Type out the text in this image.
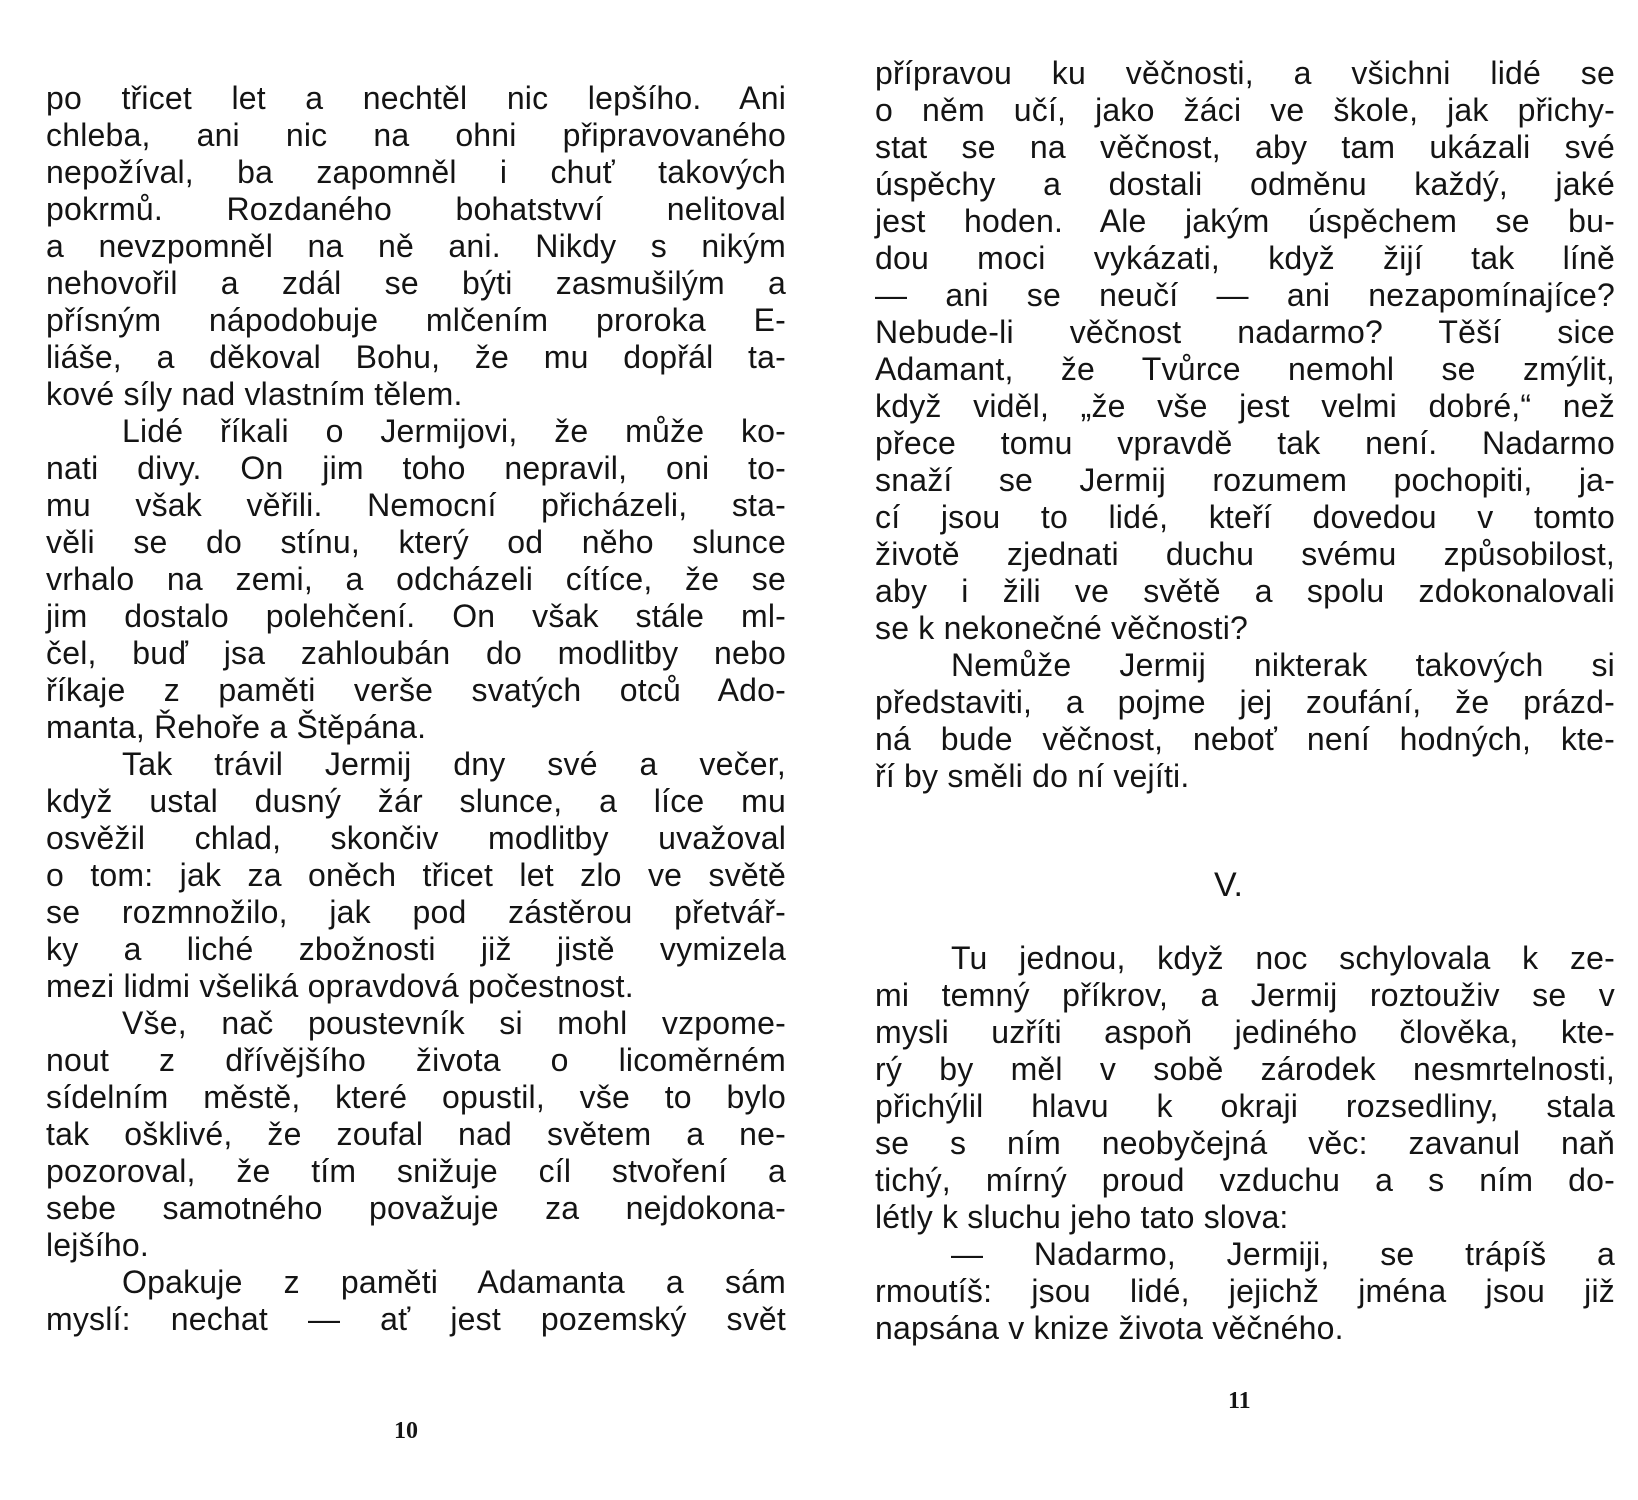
po třicet let a nechtěl nic lepšího. Ani
chleba, ani nic na ohni připravovaného
nepožíval, ba zapomněl i chuť takových
pokrmů. Rozdaného bohatstvví nelitoval
a nevzpomněl na ně ani. Nikdy s nikým
nehovořil a zdál se býti zasmušilým a
přísným nápodobuje mlčením proroka E-
liáše, a děkoval Bohu, že mu dopřál ta-
kové síly nad vlastním tělem.
Lidé říkali o Jermijovi, že může ko-
nati divy. On jim toho nepravil, oni to-
mu však věřili. Nemocní přicházeli, sta-
věli se do stínu, který od něho slunce
vrhalo na zemi, a odcházeli cítíce, že se
jim dostalo polehčení. On však stále ml-
čel, buď jsa zahloubán do modlitby nebo
říkaje z paměti verše svatých otců Ado-
manta, Řehoře a Štěpána.
Tak trávil Jermij dny své a večer,
když ustal dusný žár slunce, a líce mu
osvěžil chlad, skončiv modlitby uvažoval
o tom: jak za oněch třicet let zlo ve světě
se rozmnožilo, jak pod zástěrou přetvář-
ky a liché zbožnosti již jistě vymizela
mezi lidmi všeliká opravdová počestnost.
Vše, nač poustevník si mohl vzpome-
nout z dřívějšího života o licoměrném
sídelním městě, které opustil, vše to bylo
tak ošklivé, že zoufal nad světem a ne-
pozoroval, že tím snižuje cíl stvoření a
sebe samotného považuje za nejdokona-
lejšího.
Opakuje z paměti Adamanta a sám
myslí: nechat — ať jest pozemský svět
10
přípravou ku věčnosti, a všichni lidé se
o něm učí, jako žáci ve škole, jak přichy-
stat se na věčnost, aby tam ukázali své
úspěchy a dostali odměnu každý, jaké
jest hoden. Ale jakým úspěchem se bu-
dou moci vykázati, když žijí tak líně
— ani se neučí — ani nezapomínajíce?
Nebude-li věčnost nadarmo? Těší sice
Adamant, že Tvůrce nemohl se zmýlit,
když viděl, „že vše jest velmi dobré,“ než
přece tomu vpravdě tak není. Nadarmo
snaží se Jermij rozumem pochopiti, ja-
cí jsou to lidé, kteří dovedou v tomto
životě zjednati duchu svému způsobilost,
aby i žili ve světě a spolu zdokonalovali
se k nekonečné věčnosti?
Nemůže Jermij nikterak takových si
představiti, a pojme jej zoufání, že prázd-
ná bude věčnost, neboť není hodných, kte-
ří by směli do ní vejíti.
V.
Tu jednou, když noc schylovala k ze-
mi temný příkrov, a Jermij roztouživ se v
mysli uzříti aspoň jediného člověka, kte-
rý by měl v sobě zárodek nesmrtelnosti,
přichýlil hlavu k okraji rozsedliny, stala
se s ním neobyčejná věc: zavanul naň
tichý, mírný proud vzduchu a s ním do-
létly k sluchu jeho tato slova:
— Nadarmo, Jermiji, se trápíš a
rmoutíš: jsou lidé, jejichž jména jsou již
napsána v knize života věčného.
11
